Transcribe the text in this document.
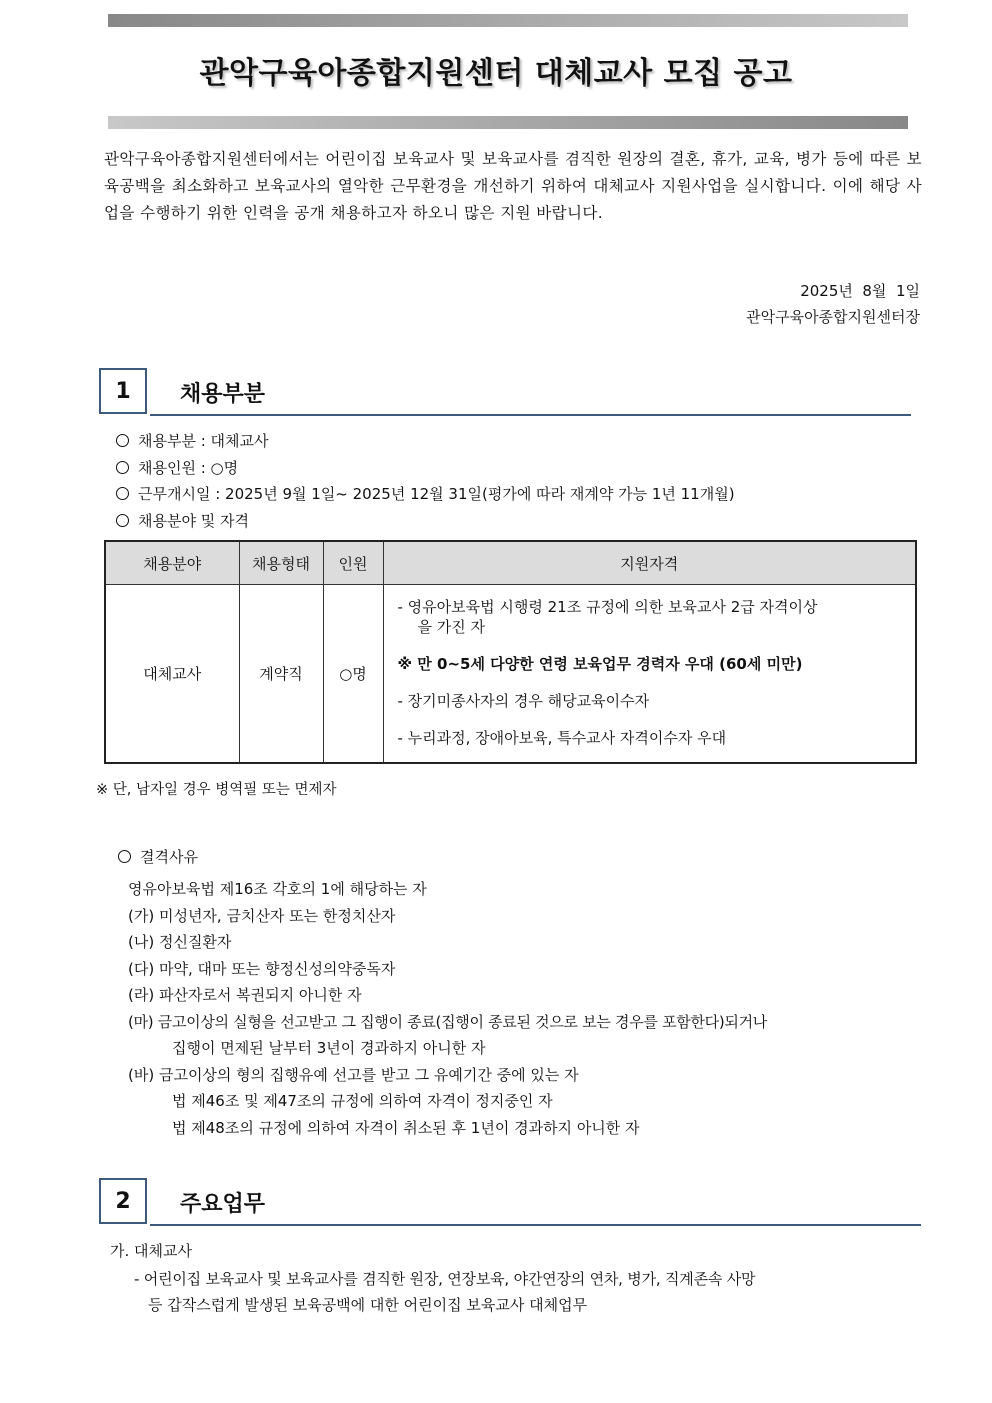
관악구육아종합지원센터 대체교사 모집 공고
관악구육아종합지원센터에서는 어린이집 보육교사 및 보육교사를 겸직한 원장의 결혼, 휴가, 교육, 병가 등에 따른 보육공백을 최소화하고 보육교사의 열악한 근무환경을 개선하기 위하여 대체교사 지원사업을 실시합니다. 이에 해당 사업을 수행하기 위한 인력을 공개 채용하고자 하오니 많은 지원 바랍니다.
2025년  8월  1일
관악구육아종합지원센터장
1	채용부분
채용부분 : 대체교사
채용인원 : ○명
근무개시일 : 2025년 9월 1일~ 2025년 12월 31일(평가에 따라 재계약 가능 1년 11개월)
채용분야 및 자격
채용분야	채용형태	인원	지원자격
대체교사	계약직	○명	- 영유아보육법 시행령 21조 규정에 의한 보육교사 2급 자격이상
을 가진 자
※ 만 0~5세 다양한 연령 보육업무 경력자 우대 (60세 미만)
- 장기미종사자의 경우 해당교육이수자
- 누리과정, 장애아보육, 특수교사 자격이수자 우대
※ 단, 남자일 경우 병역필 또는 면제자
결격사유
영유아보육법 제16조 각호의 1에 해당하는 자
(가) 미성년자, 금치산자 또는 한정치산자
(나) 정신질환자
(다) 마약, 대마 또는 향정신성의약중독자
(라) 파산자로서 복권되지 아니한 자
(마) 금고이상의 실형을 선고받고 그 집행이 종료(집행이 종료된 것으로 보는 경우를 포함한다)되거나
집행이 면제된 날부터 3년이 경과하지 아니한 자
(바) 금고이상의 형의 집행유예 선고를 받고 그 유예기간 중에 있는 자
법 제46조 및 제47조의 규정에 의하여 자격이 정지중인 자
법 제48조의 규정에 의하여 자격이 취소된 후 1년이 경과하지 아니한 자
2	주요업무
가. 대체교사
- 어린이집 보육교사 및 보육교사를 겸직한 원장, 연장보육, 야간연장의 연차, 병가, 직계존속 사망
등 갑작스럽게 발생된 보육공백에 대한 어린이집 보육교사 대체업무
